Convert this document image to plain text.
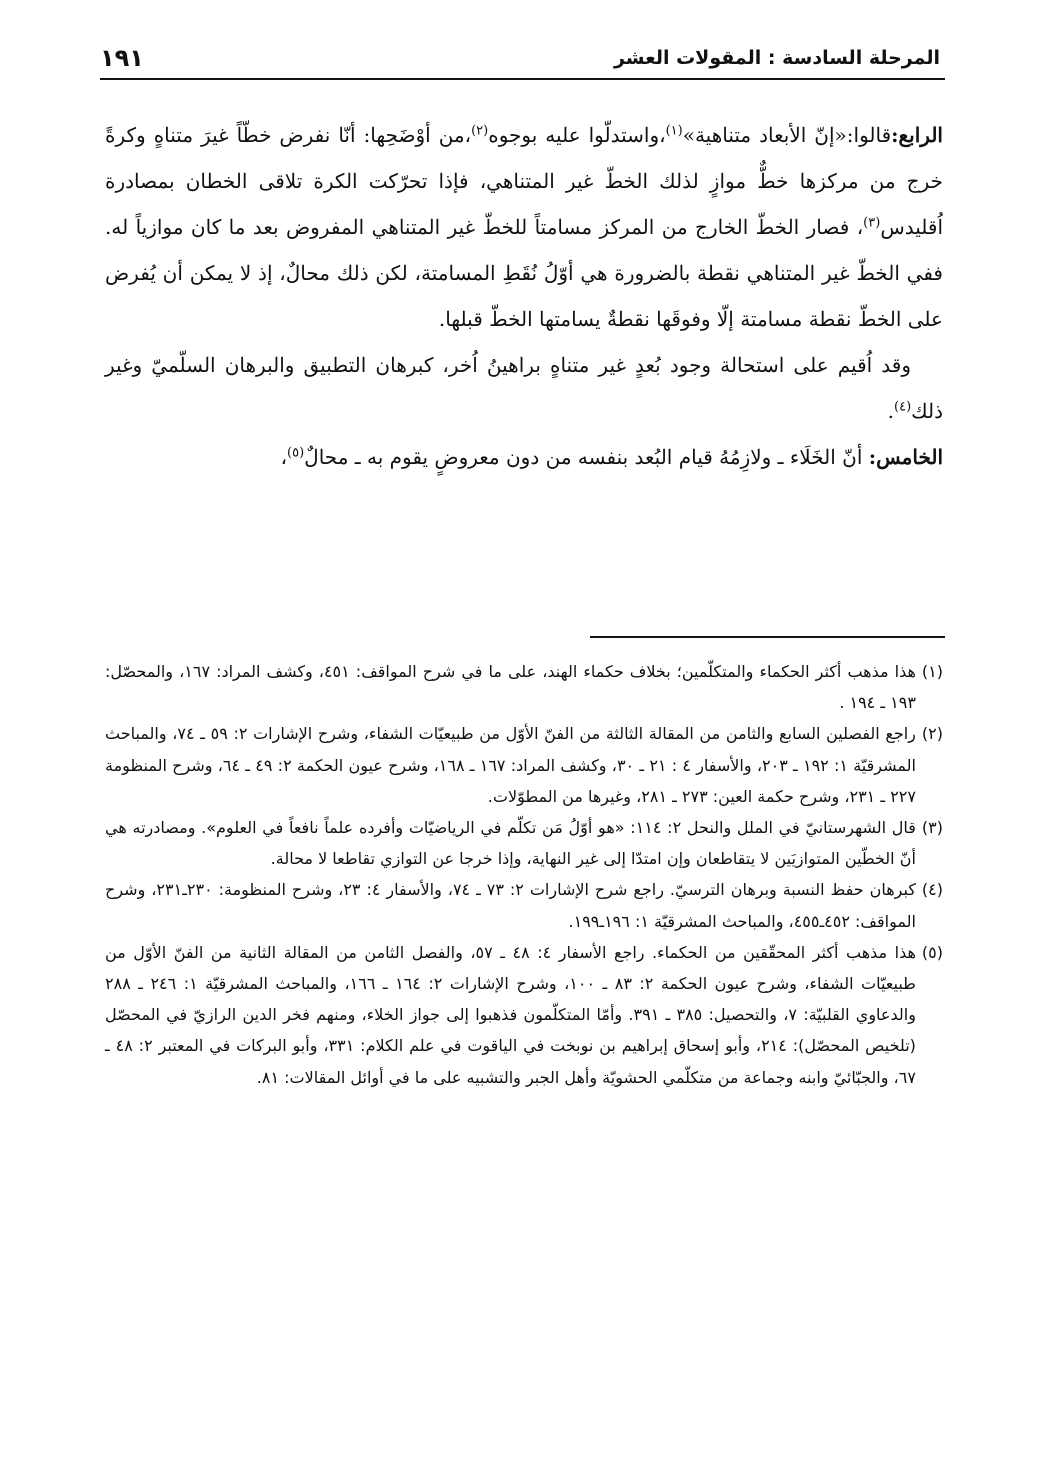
المرحلة السادسة : المقولات العشر
١٩١

الرابع:قالوا:«إنّ الأبعاد متناهية»$^{(١)}$،واستدلّوا عليه بوجوه$^{(٢)}$،من أوْضَحِها: أنّا نفرض خطّاً غيرَ متناهٍ وكرةً خرج من مركزها خطٌّ موازٍ لذلك الخطّ غير المتناهي، فإذا تحرّكت الكرة تلاقى الخطان بمصادرة اُقليدس$^{(٣)}$، فصار الخطّ الخارج من المركز مسامتاً للخطّ غير المتناهي المفروض بعد ما كان موازياً له. ففي الخطّ غير المتناهي نقطة بالضرورة هي أوّلُ نُقَطِ المسامتة، لكن ذلك محالٌ، إذ لا يمكن أن يُفرض على الخطّ نقطة مسامتة إلّا وفوقَها نقطةٌ يسامتها الخطّ قبلها.

وقد اُقيم على استحالة وجود بُعدٍ غير متناهٍ براهينُ اُخر، كبرهان التطبيق والبرهان السلّميّ وغير ذلك$^{(٤)}$.

الخامس: أنّ الخَلَاء ـ ولازِمُهُ قيام البُعد بنفسه من دون معروضٍ يقوم به ـ محالٌ$^{(٥)}$،

(١)
هذا مذهب أكثر الحكماء والمتكلّمين؛ بخلاف حكماء الهند، على ما في شرح المواقف: ٤٥١، وكشف المراد: ١٦٧، والمحصّل: ١٩٣ ـ ١٩٤ .
(٢)
راجع الفصلين السابع والثامن من المقالة الثالثة من الفنّ الأوّل من طبيعيّات الشفاء، وشرح الإشارات ٢: ٥٩ ـ ٧٤، والمباحث المشرقيّة ١: ١٩٢ ـ ٢٠٣، والأسفار ٤ : ٢١ ـ ٣٠، وكشف المراد: ١٦٧ ـ ١٦٨، وشرح عيون الحكمة ٢: ٤٩ ـ ٦٤، وشرح المنظومة ٢٢٧ ـ ٢٣١، وشرح حكمة العين: ٢٧٣ ـ ٢٨١، وغيرها من المطوّلات.
(٣)
قال الشهرستانيّ في الملل والنحل ٢: ١١٤: «هو أوّلُ مَن تكلّم في الرياضيّات وأفرده علماً نافعاً في العلوم». ومصادرته هي أنّ الخطّين المتوازيَين لا يتقاطعان وإن امتدّا إلى غير النهاية، وإذا خرجا عن التوازي تقاطعا لا محالة.
(٤)
كبرهان حفظ النسبة وبرهان الترسيّ. راجع شرح الإشارات ٢: ٧٣ ـ ٧٤، والأسفار ٤: ٢٣، وشرح المنظومة: ٢٣٠ـ٢٣١، وشرح المواقف: ٤٥٢ـ٤٥٥، والمباحث المشرقيّة ١: ١٩٦ـ١٩٩.
(٥)
هذا مذهب أكثر المحقّقين من الحكماء. راجع الأسفار ٤: ٤٨ ـ ٥٧، والفصل الثامن من المقالة الثانية من الفنّ الأوّل من طبيعيّات الشفاء، وشرح عيون الحكمة ٢: ٨٣ ـ ١٠٠، وشرح الإشارات ٢: ١٦٤ ـ ١٦٦، والمباحث المشرقيّة ١: ٢٤٦ ـ ٢٨٨ والدعاوي القلبيّة: ٧، والتحصيل: ٣٨٥ ـ ٣٩١. وأمّا المتكلّمون فذهبوا إلى جواز الخلاء، ومنهم فخر الدين الرازيّ في المحصّل (تلخيص المحصّل): ٢١٤، وأبو إسحاق إبراهيم بن نوبخت في الياقوت في علم الكلام: ٣٣١، وأبو البركات في المعتبر ٢: ٤٨ ـ ٦٧، والجبّائيّ وابنه وجماعة من متكلّمي الحشويّة وأهل الجبر والتشبيه على ما في أوائل المقالات: ٨١.
